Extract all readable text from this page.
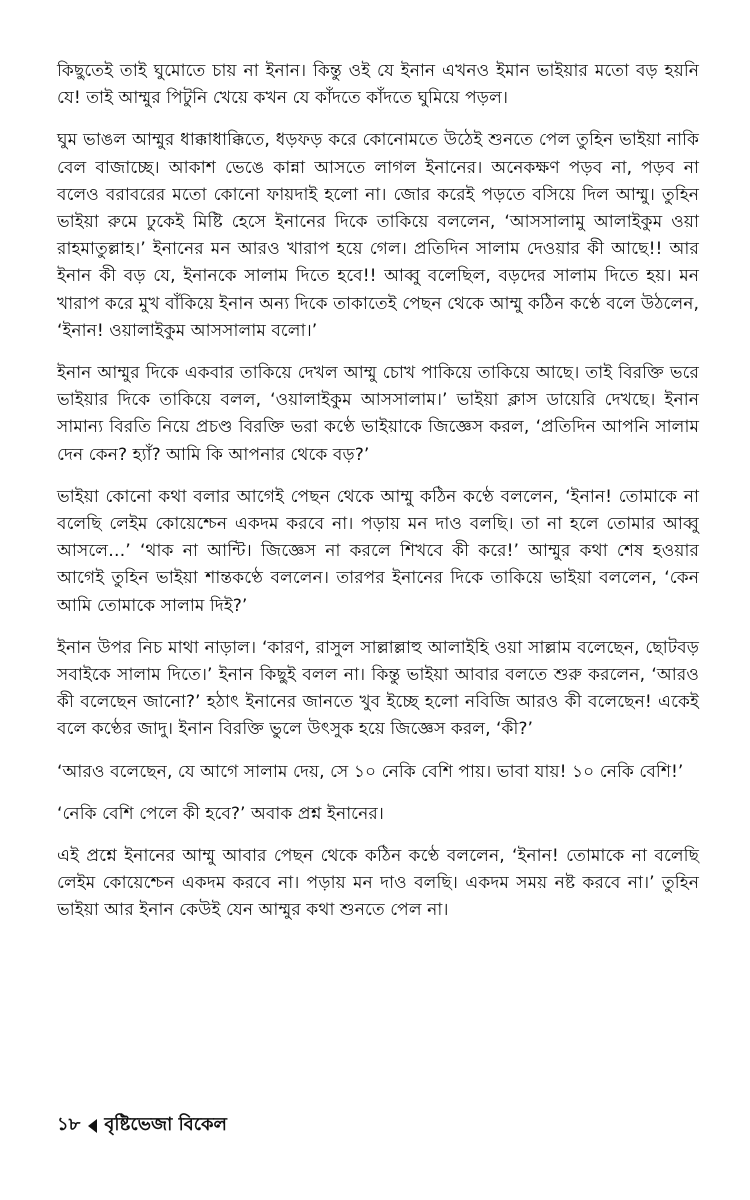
কিছুতেই তাই ঘুমোতে চায় না ইনান। কিন্তু ওই যে ইনান এখনও ইমান ভাইয়ার মতো বড় হয়নি যে! তাই আম্মুর পিটুনি খেয়ে কখন যে কাঁদতে কাঁদতে ঘুমিয়ে পড়ল।

ঘুম ভাঙল আম্মুর ধাক্কাধাক্কিতে, ধড়ফড় করে কোনোমতে উঠেই শুনতে পেল তুহিন ভাইয়া নাকি বেল বাজাচ্ছে। আকাশ ভেঙে কান্না আসতে লাগল ইনানের। অনেকক্ষণ পড়ব না, পড়ব না বলেও বরাবরের মতো কোনো ফায়দাই হলো না। জোর করেই পড়তে বসিয়ে দিল আম্মু। তুহিন ভাইয়া রুমে ঢুকেই মিষ্টি হেসে ইনানের দিকে তাকিয়ে বললেন, ‘আসসালামু আলাইকুম ওয়া রাহমাতুল্লাহ।’ ইনানের মন আরও খারাপ হয়ে গেল। প্রতিদিন সালাম দেওয়ার কী আছে!! আর ইনান কী বড় যে, ইনানকে সালাম দিতে হবে!! আব্বু বলেছিল, বড়দের সালাম দিতে হয়। মন খারাপ করে মুখ বাঁকিয়ে ইনান অন্য দিকে তাকাতেই পেছন থেকে আম্মু কঠিন কণ্ঠে বলে উঠলেন, ‘ইনান! ওয়ালাইকুম আসসালাম বলো।’

ইনান আম্মুর দিকে একবার তাকিয়ে দেখল আম্মু চোখ পাকিয়ে তাকিয়ে আছে। তাই বিরক্তি ভরে ভাইয়ার দিকে তাকিয়ে বলল, ‘ওয়ালাইকুম আসসালাম।’ ভাইয়া ক্লাস ডায়েরি দেখছে। ইনান সামান্য বিরতি নিয়ে প্রচণ্ড বিরক্তি ভরা কণ্ঠে ভাইয়াকে জিজ্ঞেস করল, ‘প্রতিদিন আপনি সালাম দেন কেন? হ্যাঁ? আমি কি আপনার থেকে বড়?’

ভাইয়া কোনো কথা বলার আগেই পেছন থেকে আম্মু কঠিন কণ্ঠে বললেন, ‘ইনান! তোমাকে না বলেছি লেইম কোয়েশ্চেন একদম করবে না। পড়ায় মন দাও বলছি। তা না হলে তোমার আব্বু আসলে…’ ‘থাক না আন্টি। জিজ্ঞেস না করলে শিখবে কী করে!’ আম্মুর কথা শেষ হওয়ার আগেই তুহিন ভাইয়া শান্তকণ্ঠে বললেন। তারপর ইনানের দিকে তাকিয়ে ভাইয়া বললেন, ‘কেন আমি তোমাকে সালাম দিই?’

ইনান উপর নিচ মাথা নাড়াল। ‘কারণ, রাসুল সাল্লাল্লাহু আলাইহি ওয়া সাল্লাম বলেছেন, ছোটবড় সবাইকে সালাম দিতে।’ ইনান কিছুই বলল না। কিন্তু ভাইয়া আবার বলতে শুরু করলেন, ‘আরও কী বলেছেন জানো?’ হঠাৎ ইনানের জানতে খুব ইচ্ছে হলো নবিজি আরও কী বলেছেন! একেই বলে কণ্ঠের জাদু। ইনান বিরক্তি ভুলে উৎসুক হয়ে জিজ্ঞেস করল, ‘কী?’

‘আরও বলেছেন, যে আগে সালাম দেয়, সে ১০ নেকি বেশি পায়। ভাবা যায়! ১০ নেকি বেশি!’

‘নেকি বেশি পেলে কী হবে?’ অবাক প্রশ্ন ইনানের।

এই প্রশ্নে ইনানের আম্মু আবার পেছন থেকে কঠিন কণ্ঠে বললেন, ‘ইনান! তোমাকে না বলেছি লেইম কোয়েশ্চেন একদম করবে না। পড়ায় মন দাও বলছি। একদম সময় নষ্ট করবে না।’ তুহিন ভাইয়া আর ইনান কেউই যেন আম্মুর কথা শুনতে পেল না।

১৮ বৃষ্টিভেজা বিকেল
